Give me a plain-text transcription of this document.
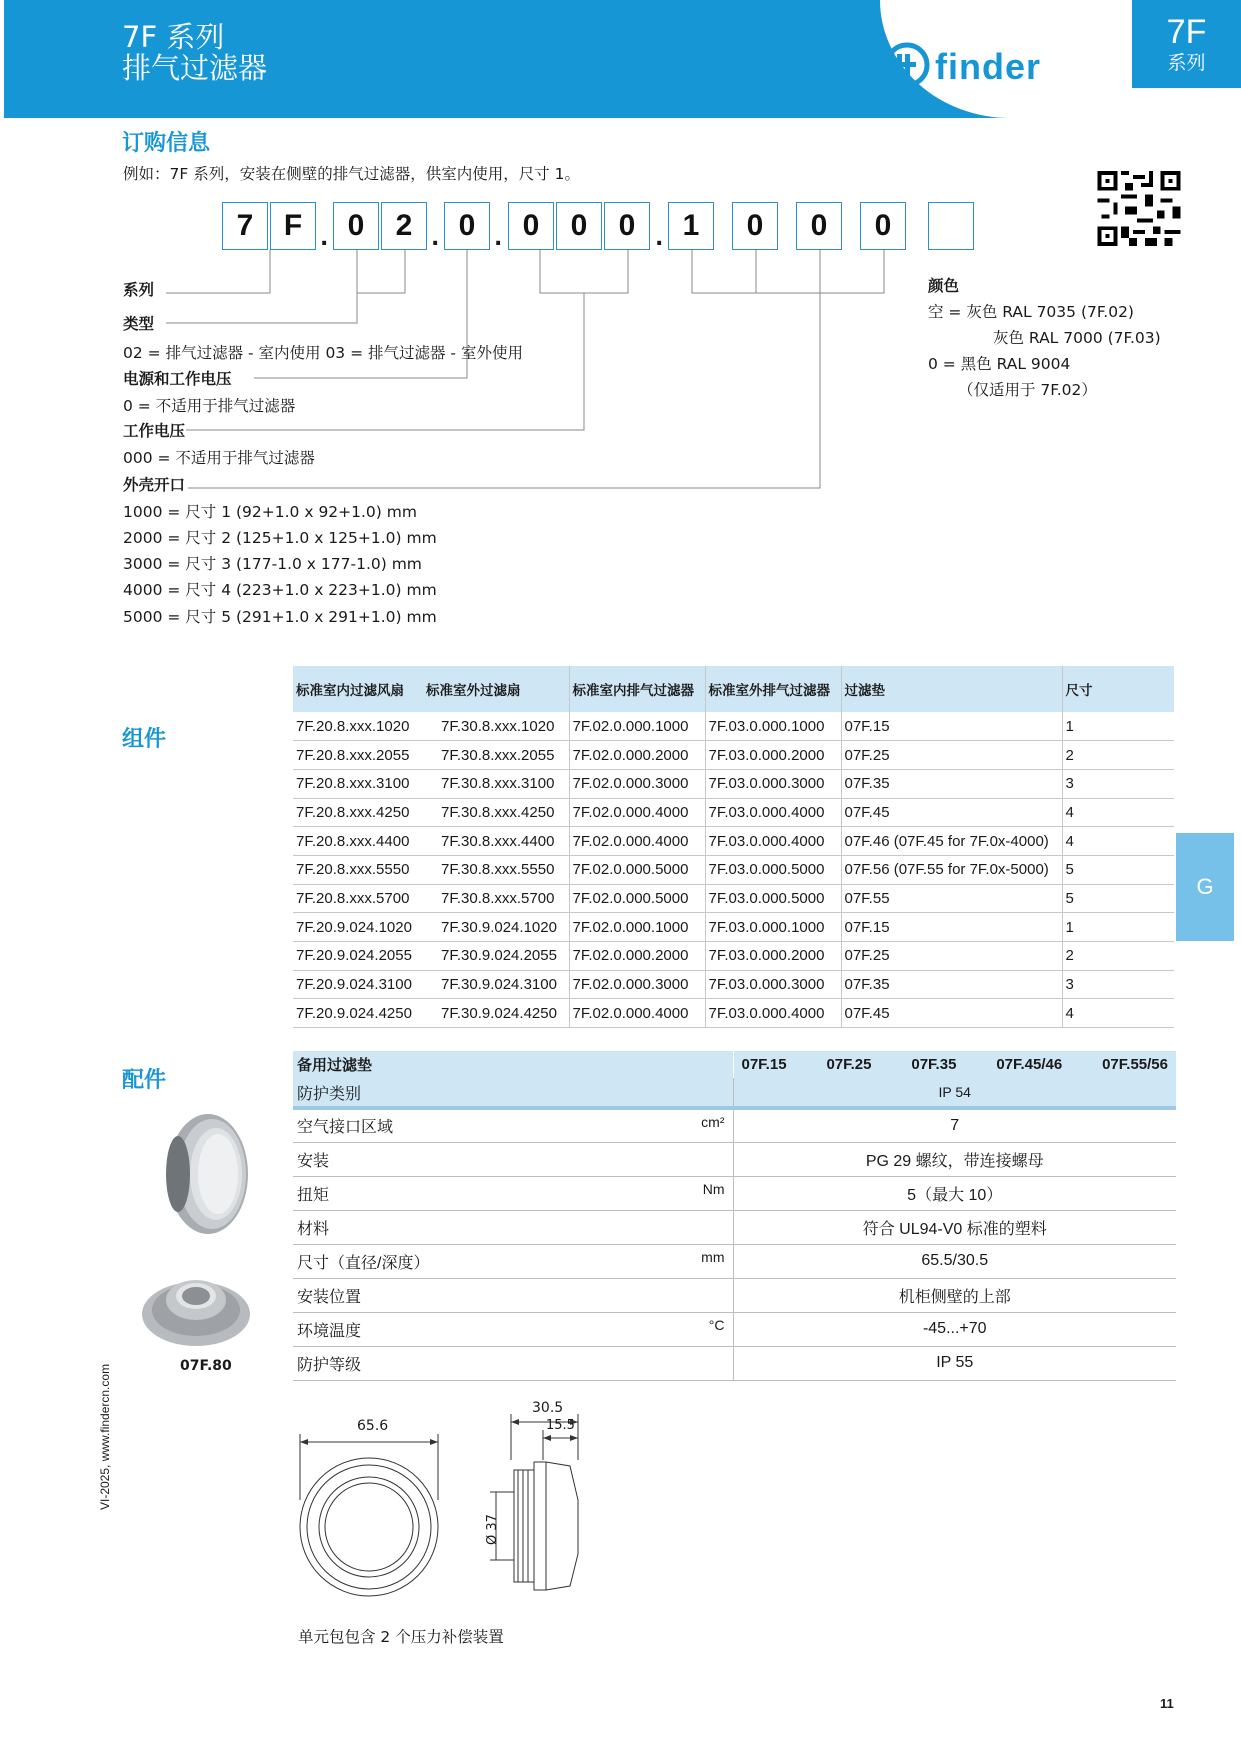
7F 系列
排气过滤器	finder
7F
系列
G
订购信息
例如：7F 系列，安装在侧壁的排气过滤器，供室内使用，尺寸 1。
7	F . 0	2 . 0 . 0	0	0 . 1	0	0	0
系列
类型
02 = 排气过滤器 - 室内使用 03 = 排气过滤器 - 室外使用
电源和工作电压
0 = 不适用于排气过滤器
工作电压
000 = 不适用于排气过滤器
外壳开口
1000 = 尺寸 1 (92+1.0 x 92+1.0) mm
2000 = 尺寸 2 (125+1.0 x 125+1.0) mm
3000 = 尺寸 3 (177-1.0 x 177-1.0) mm
4000 = 尺寸 4 (223+1.0 x 223+1.0) mm
5000 = 尺寸 5 (291+1.0 x 291+1.0) mm
颜色
空 = 灰色 RAL 7035 (7F.02)
灰色 RAL 7000 (7F.03)
0 = 黑色 RAL 9004
（仅适用于 7F.02）
组件
标准室内过滤风扇	标准室外过滤扇	标准室内排气过滤器	标准室外排气过滤器	过滤垫	尺寸
7F.20.8.xxx.1020	7F.30.8.xxx.1020	7F.02.0.000.1000	7F.03.0.000.1000	07F.15	1
7F.20.8.xxx.2055	7F.30.8.xxx.2055	7F.02.0.000.2000	7F.03.0.000.2000	07F.25	2
7F.20.8.xxx.3100	7F.30.8.xxx.3100	7F.02.0.000.3000	7F.03.0.000.3000	07F.35	3
7F.20.8.xxx.4250	7F.30.8.xxx.4250	7F.02.0.000.4000	7F.03.0.000.4000	07F.45	4
7F.20.8.xxx.4400	7F.30.8.xxx.4400	7F.02.0.000.4000	7F.03.0.000.4000	07F.46 (07F.45 for 7F.0x-4000)	4
7F.20.8.xxx.5550	7F.30.8.xxx.5550	7F.02.0.000.5000	7F.03.0.000.5000	07F.56 (07F.55 for 7F.0x-5000)	5
7F.20.8.xxx.5700	7F.30.8.xxx.5700	7F.02.0.000.5000	7F.03.0.000.5000	07F.55	5
7F.20.9.024.1020	7F.30.9.024.1020	7F.02.0.000.1000	7F.03.0.000.1000	07F.15	1
7F.20.9.024.2055	7F.30.9.024.2055	7F.02.0.000.2000	7F.03.0.000.2000	07F.25	2
7F.20.9.024.3100	7F.30.9.024.3100	7F.02.0.000.3000	7F.03.0.000.3000	07F.35	3
7F.20.9.024.4250	7F.30.9.024.4250	7F.02.0.000.4000	7F.03.0.000.4000	07F.45	4
配件
07F.80
备用过滤垫	07F.15 07F.25 07F.35 07F.45/46 07F.55/56

防护类别	IP 54
空气接口区域 cm²	7
安装	PG 29 螺纹，带连接螺母
扭矩 Nm	5（最大 10）
材料	符合 UL94-V0 标准的塑料
尺寸（直径/深度） mm	65.5/30.5
安装位置	机柜侧壁的上部
环境温度 °C	-45...+70
防护等级	IP 55
65.6
30.5
15.5
Ø 37
单元包包含 2 个压力补偿装置
VI-2025, www.findercn.com
11
